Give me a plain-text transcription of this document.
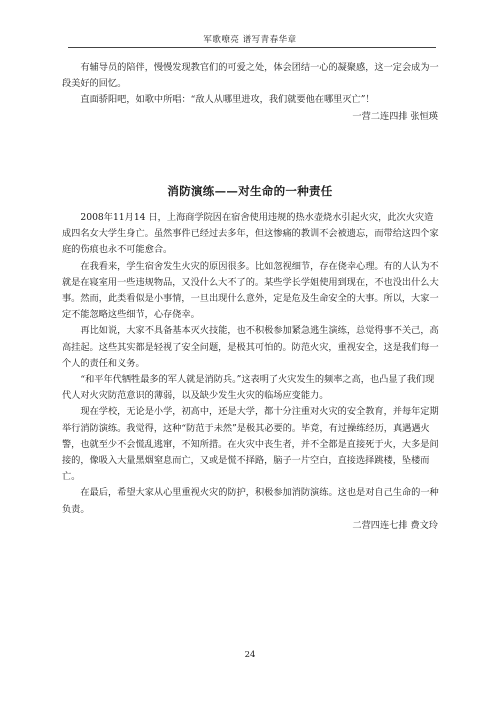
军歌嘹亮 谱写青春华章

有辅导员的陪伴，慢慢发现教官们的可爱之处，体会团结一心的凝聚感，这一定会成为一段美好的回忆。

直面骄阳吧，如歌中所唱：“敌人从哪里进攻，我们就要他在哪里灭亡”！

一营二连四排 张恒瑛

消防演练——对生命的一种责任

2008年11月14 日，上海商学院因在宿舍使用违规的热水壶烧水引起火灾，此次火灾造成四名女大学生身亡。虽然事件已经过去多年，但这惨痛的教训不会被遗忘，而带给这四个家庭的伤痕也永不可能愈合。

在我看来，学生宿舍发生火灾的原因很多。比如忽视细节，存在侥幸心理。有的人认为不就是在寝室用一些违规物品，又没什么大不了的。某些学长学姐使用到现在，不也没出什么大事。然而，此类看似是小事情，一旦出现什么意外，定是危及生命安全的大事。所以，大家一定不能忽略这些细节，心存侥幸。

再比如说，大家不具备基本灭火技能，也不积极参加紧急逃生演练，总觉得事不关己，高高挂起。这些其实都是轻视了安全问题，是极其可怕的。防范火灾，重视安全，这是我们每一个人的责任和义务。

“和平年代牺牲最多的军人就是消防兵。”这表明了火灾发生的频率之高，也凸显了我们现代人对火灾防范意识的薄弱，以及缺少发生火灾的临场应变能力。

现在学校，无论是小学，初高中，还是大学，都十分注重对火灾的安全教育，并每年定期举行消防演练。我觉得，这种“防范于未然”是极其必要的。毕竟，有过操练经历，真遇遇火警，也就至少不会慌乱逃窜，不知所措。在火灾中丧生者，并不全都是直接死于火，大多是间接的，像吸入大量黑烟窒息而亡，又或是慌不择路，脑子一片空白，直接选择跳楼，坠楼而亡。

在最后，希望大家从心里重视火灾的防护，积极参加消防演练。这也是对自己生命的一种负责。

二营四连七排 费文玲

24
